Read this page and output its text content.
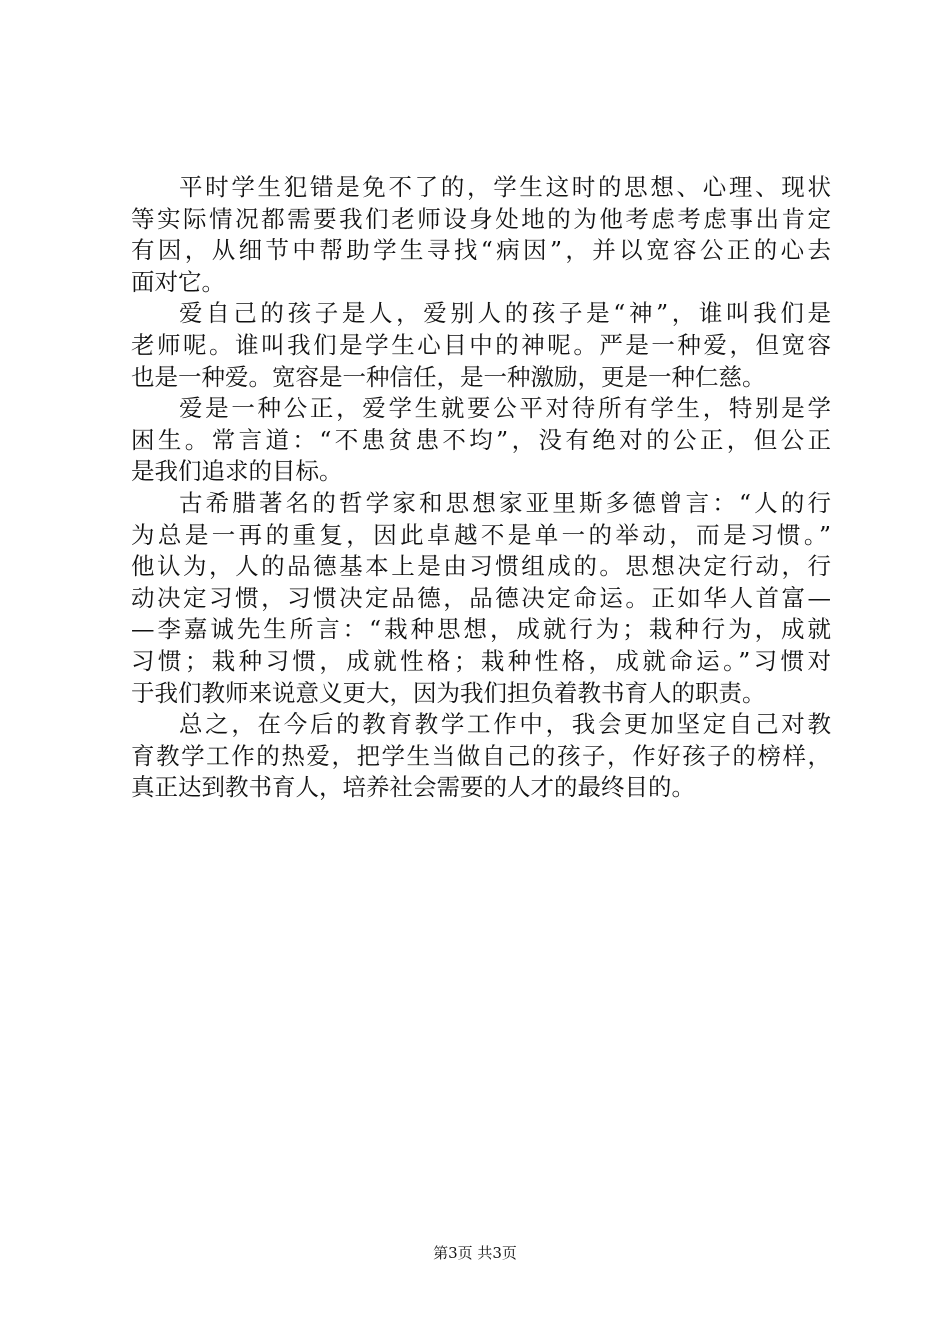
平时学生犯错是免不了的，学生这时的思想、心理、现状
等实际情况都需要我们老师设身处地的为他考虑考虑事出肯定
有因，从细节中帮助学生寻找“病因”，并以宽容公正的心去
面对它。
爱自己的孩子是人，爱别人的孩子是“神”，谁叫我们是
老师呢。谁叫我们是学生心目中的神呢。严是一种爱，但宽容
也是一种爱。宽容是一种信任，是一种激励，更是一种仁慈。
爱是一种公正，爱学生就要公平对待所有学生，特别是学
困生。常言道：“不患贫患不均”，没有绝对的公正，但公正
是我们追求的目标。
古希腊著名的哲学家和思想家亚里斯多德曾言：“人的行
为总是一再的重复，因此卓越不是单一的举动，而是习惯。”
他认为，人的品德基本上是由习惯组成的。思想决定行动，行
动决定习惯，习惯决定品德，品德决定命运。正如华人首富—
—李嘉诚先生所言：“栽种思想，成就行为；栽种行为，成就
习惯；栽种习惯，成就性格；栽种性格，成就命运。”习惯对
于我们教师来说意义更大，因为我们担负着教书育人的职责。
总之，在今后的教育教学工作中，我会更加坚定自己对教
育教学工作的热爱，把学生当做自己的孩子，作好孩子的榜样，
真正达到教书育人，培养社会需要的人才的最终目的。
第3页 共3页
